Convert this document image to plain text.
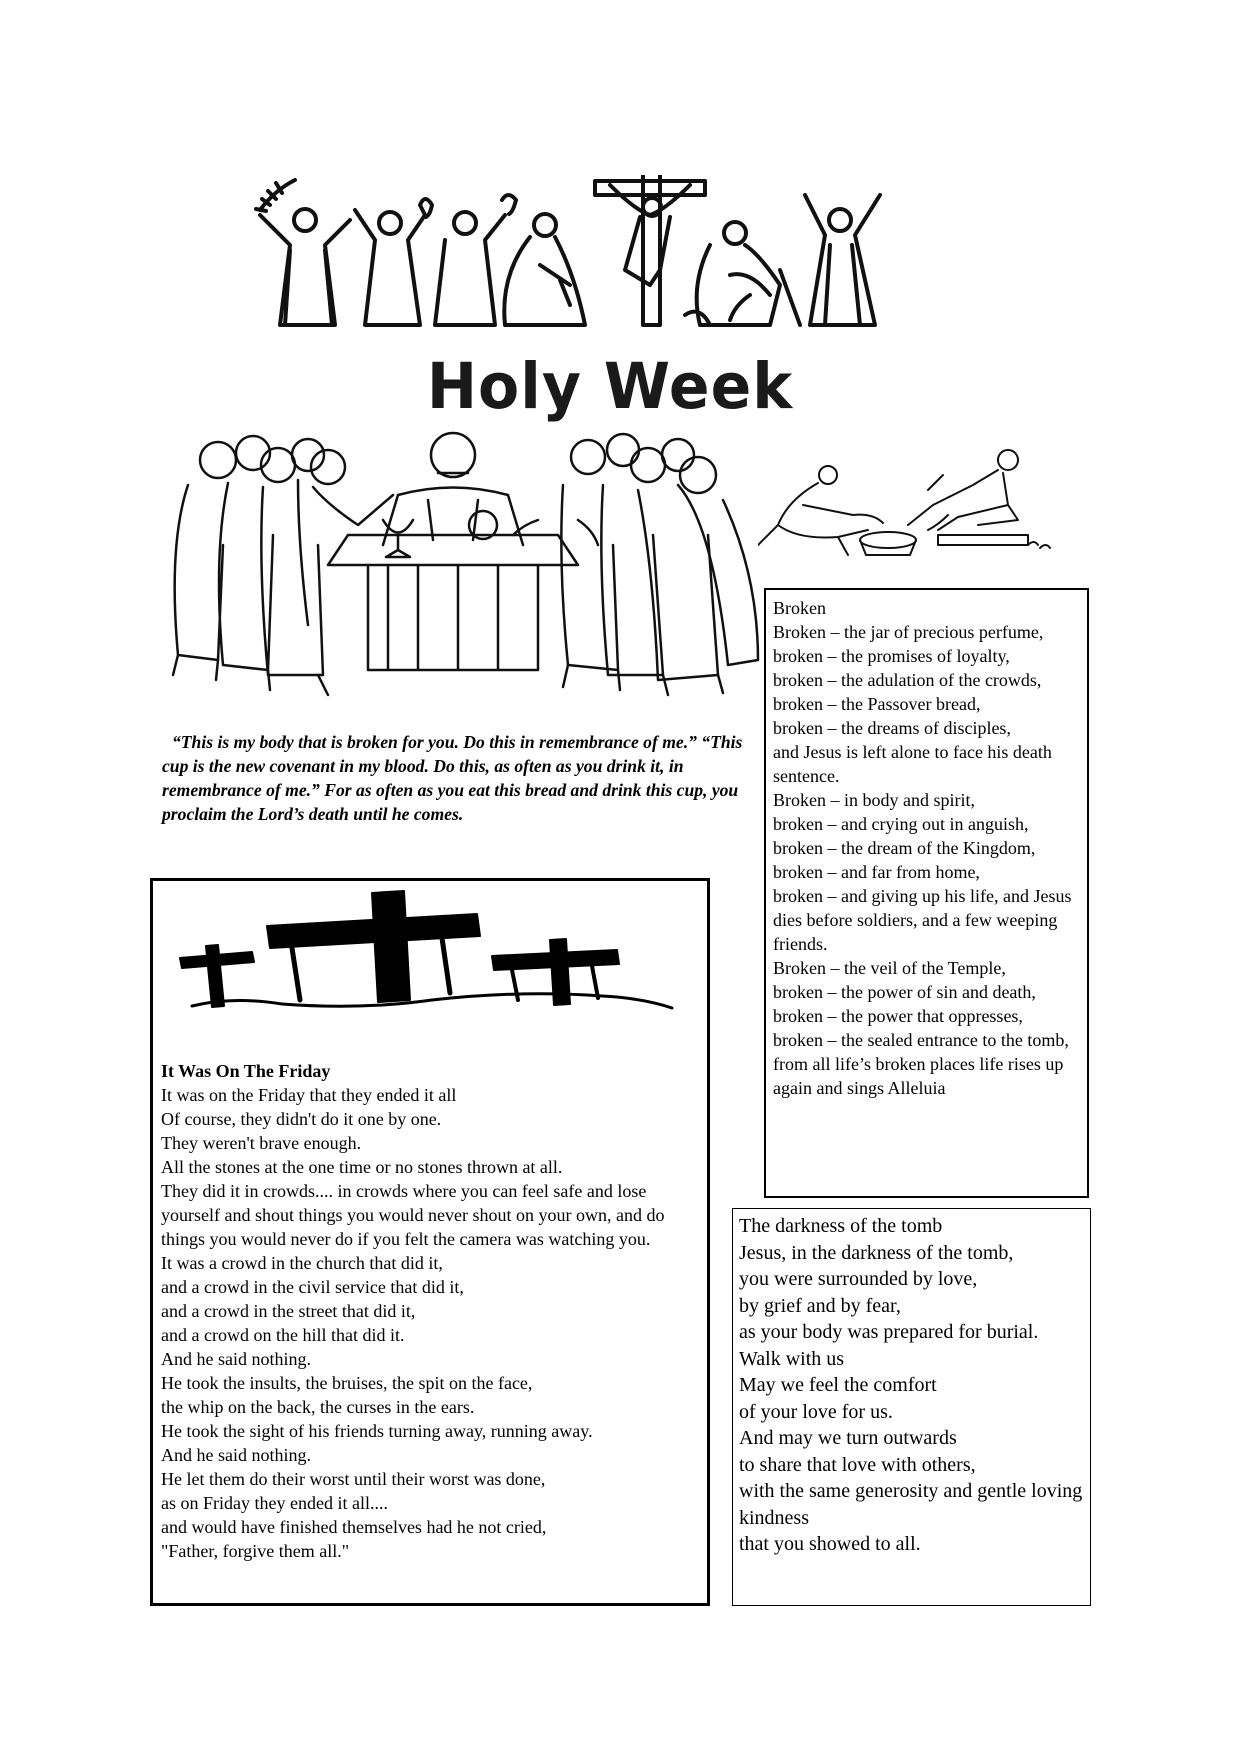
Holy Week
“This is my body that is broken for you. Do this in remembrance of me.” “This cup is the new covenant in my blood. Do this, as often as you drink it, in remembrance of me.” For as often as you eat this bread and drink this cup, you proclaim the Lord’s death until he comes.
Broken
Broken – the jar of precious perfume,
broken – the promises of loyalty,
broken – the adulation of the crowds,
broken – the Passover bread,
broken – the dreams of disciples,
and Jesus is left alone to face his death sentence.
Broken – in body and spirit,
broken – and crying out in anguish,
broken – the dream of the Kingdom,
broken – and far from home,
broken – and giving up his life, and Jesus dies before soldiers, and a few weeping friends.
Broken – the veil of the Temple,
broken – the power of sin and death,
broken – the power that oppresses,
broken – the sealed entrance to the tomb,
from all life’s broken places life rises up again and sings Alleluia
It Was On The Friday
It was on the Friday that they ended it all
Of course, they didn't do it one by one.
They weren't brave enough.
All the stones at the one time or no stones thrown at all.
They did it in crowds.... in crowds where you can feel safe and lose yourself and shout things you would never shout on your own, and do things you would never do if you felt the camera was watching you.
It was a crowd in the church that did it,
and a crowd in the civil service that did it,
and a crowd in the street that did it,
and a crowd on the hill that did it.
And he said nothing.
He took the insults, the bruises, the spit on the face,
the whip on the back, the curses in the ears.
He took the sight of his friends turning away, running away.
And he said nothing.
He let them do their worst until their worst was done,
as on Friday they ended it all....
and would have finished themselves had he not cried,
"Father, forgive them all."
The darkness of the tomb
Jesus, in the darkness of the tomb,
you were surrounded by love,
by grief and by fear,
as your body was prepared for burial.
Walk with us
May we feel the comfort
of your love for us.
And may we turn outwards
to share that love with others,
with the same generosity and gentle loving kindness
that you showed to all.
